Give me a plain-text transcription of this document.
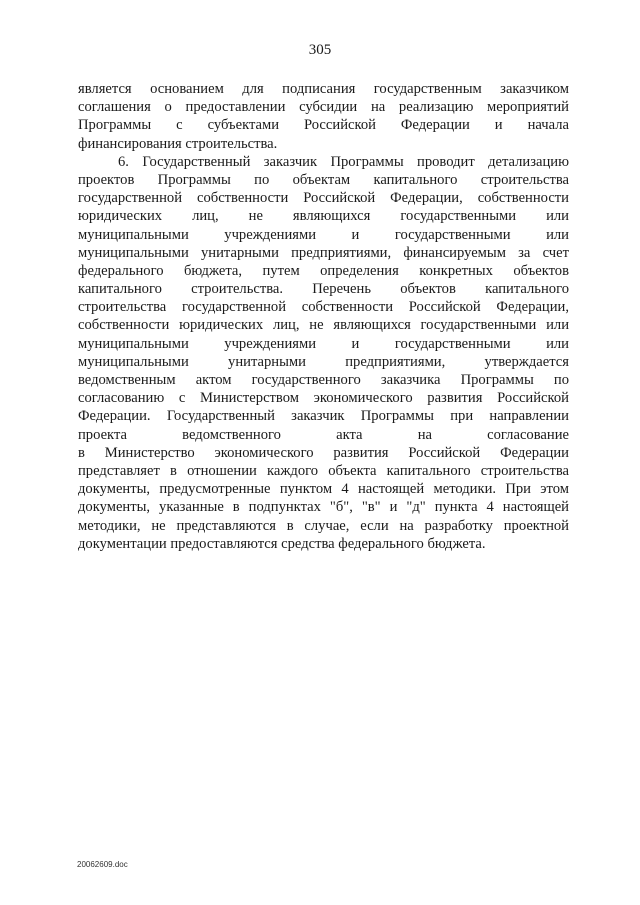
305
является основанием для подписания государственным заказчиком
соглашения о предоставлении субсидии на реализацию мероприятий
Программы с субъектами Российской Федерации и начала
финансирования строительства.
6. Государственный заказчик Программы проводит детализацию
проектов Программы по объектам капитального строительства
государственной собственности Российской Федерации, собственности
юридических лиц, не являющихся государственными или
муниципальными учреждениями и государственными или
муниципальными унитарными предприятиями, финансируемым за счет
федерального бюджета, путем определения конкретных объектов
капитального строительства. Перечень объектов капитального
строительства государственной собственности Российской Федерации,
собственности юридических лиц, не являющихся государственными или
муниципальными учреждениями и государственными или
муниципальными унитарными предприятиями, утверждается
ведомственным актом государственного заказчика Программы по
согласованию с Министерством экономического развития Российской
Федерации. Государственный заказчик Программы при направлении
проекта ведомственного акта на согласование
в Министерство экономического развития Российской Федерации
представляет в отношении каждого объекта капитального строительства
документы, предусмотренные пунктом 4 настоящей методики. При этом
документы, указанные в подпунктах "б", "в" и "д" пункта 4 настоящей
методики, не представляются в случае, если на разработку проектной
документации предоставляются средства федерального бюджета.
20062609.doc
